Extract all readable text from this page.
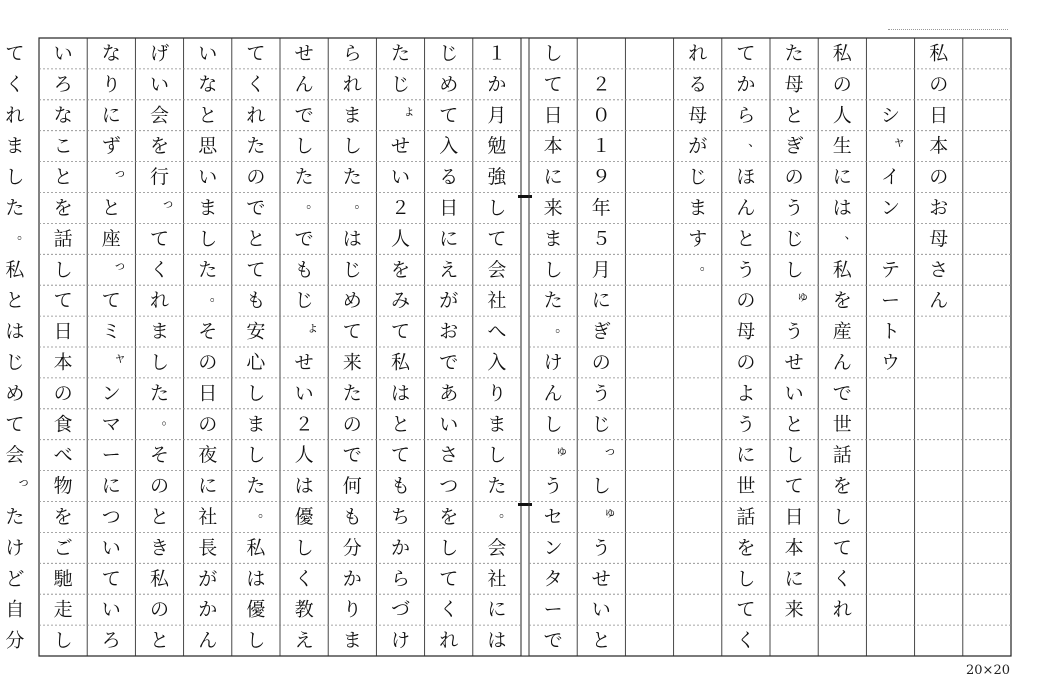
私
の
日
本
の
お
母
さ
ん
シ
ャ
イ
ン
テ
ー
ト
ウ
私
の
人
生
に
は
、
私
を
産
ん
で
世
話
を
し
て
く
れ
た
母
と
ぎ
の
う
じ
し
ゅ
う
せ
い
と
し
て
日
本
に
来
て
か
ら
、
ほ
ん
と
う
の
母
の
よ
う
に
世
話
を
し
て
く
れ
る
母
が
じ
ま
す
。
２
０
１
９
年
５
月
に
ぎ
の
う
じ
っ
し
ゅ
う
せ
い
と
し
て
日
本
に
来
ま
し
た
。
け
ん
し
ゅ
う
セ
ン
タ
ー
で
１
か
月
勉
強
し
て
会
社
へ
入
り
ま
し
た
。
会
社
に
は
じ
め
て
入
る
日
に
え
が
お
で
あ
い
さ
つ
を
し
て
く
れ
た
じ
ょ
せ
い
２
人
を
み
て
私
は
と
て
も
ち
か
ら
づ
け
ら
れ
ま
し
た
。
は
じ
め
て
来
た
の
で
何
も
分
か
り
ま
せ
ん
で
し
た
。
で
も
じ
ょ
せ
い
２
人
は
優
し
く
教
え
て
く
れ
た
の
で
と
て
も
安
心
し
ま
し
た
。
私
は
優
し
い
な
と
思
い
ま
し
た
。
そ
の
日
の
夜
に
社
長
が
か
ん
げ
い
会
を
行
っ
て
く
れ
ま
し
た
。
そ
の
と
き
私
の
と
な
り
に
ず
っ
と
座
っ
て
ミ
ャ
ン
マ
ー
に
つ
い
て
い
ろ
い
ろ
な
こ
と
を
話
し
て
日
本
の
食
べ
物
を
ご
馳
走
し
て
く
れ
ま
し
た
。
私
と
は
じ
め
て
会
っ
た
け
ど
自
分
20×20
